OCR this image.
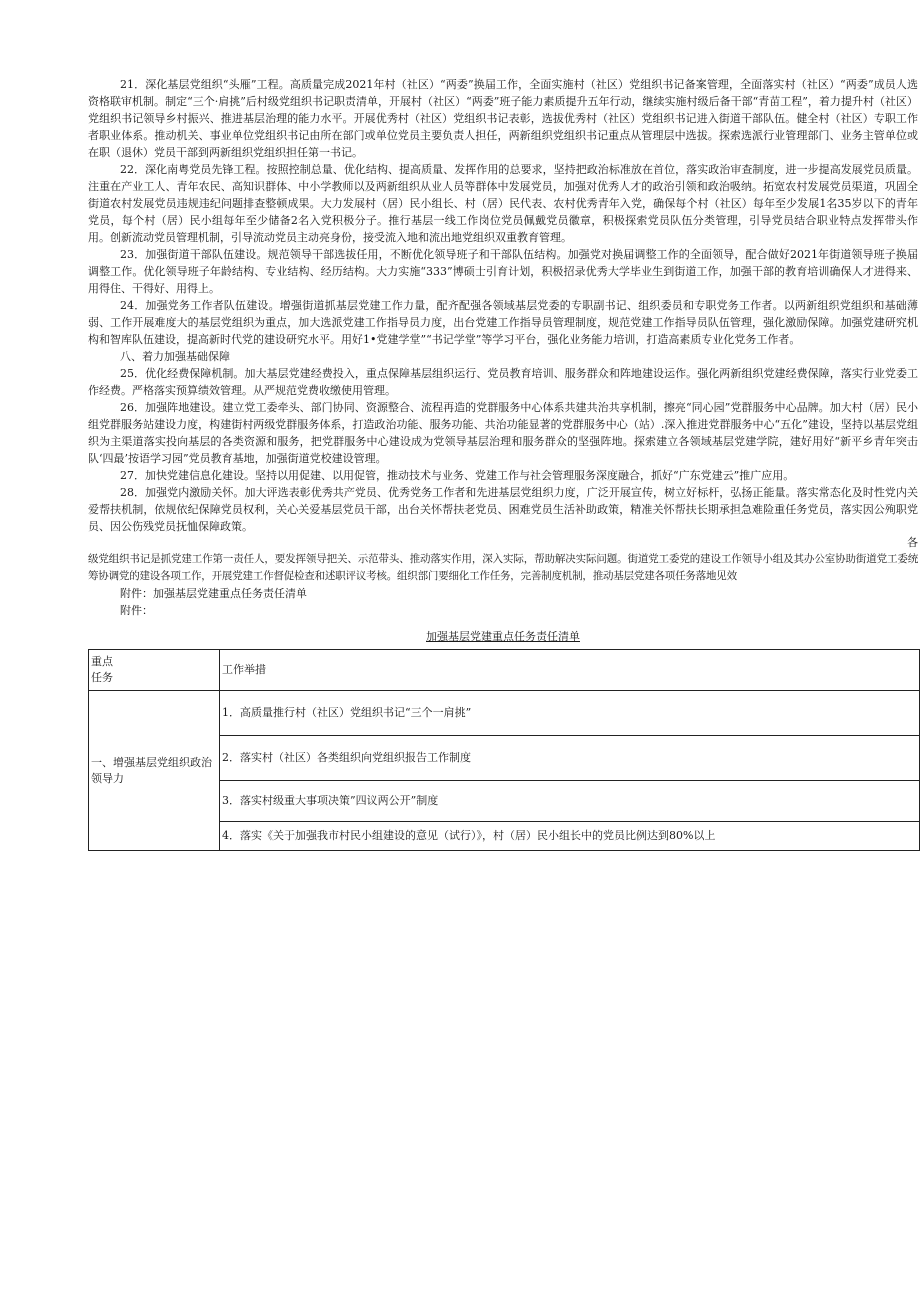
21．深化基层党组织“头雁”工程。高质量完成2021年村（社区）“两委”换届工作，全面实施村（社区）党组织书记备案管理，全面落实村（社区）“两委”成员人选资格联审机制。制定“三个·肩挑”后村级党组织书记职责清单，开展村（社区）“两委”班子能力素质提升五年行动，继续实施村级后备干部“青苗工程”，着力提升村（社区）党组织书记领导乡村振兴、推进基层治理的能力水平。开展优秀村（社区）党组织书记表彰，选拔优秀村（社区）党组织书记进入街道干部队伍。健全村（社区）专职工作者职业体系。推动机关、事业单位党组织书记由所在部门或单位党员主要负责人担任，两新组织党组织书记重点从管理层中选拔。探索选派行业管理部门、业务主管单位或在职（退休）党员干部到两新组织党组织担任第一书记。

22．深化南粤党员先锋工程。按照控制总量、优化结构、提高质量、发挥作用的总要求，坚持把政治标准放在首位，落实政治审查制度，进一步提高发展党员质量。注重在产业工人、青年农民、高知识群体、中小学教师以及两新组织从业人员等群体中发展党员，加强对优秀人才的政治引领和政治吸纳。拓宽农村发展党员渠道，巩固全街道农村发展党员违规违纪问题排查整顿成果。大力发展村（居）民小组长、村（居）民代表、农村优秀青年入党，确保每个村（社区）每年至少发展1名35岁以下的青年党员，每个村（居）民小组每年至少储备2名入党积极分子。推行基层一线工作岗位党员佩戴党员徽章，积极探索党员队伍分类管理，引导党员结合职业特点发挥带头作用。创新流动党员管理机制，引导流动党员主动亮身份，接受流入地和流出地党组织双重教育管理。

23．加强街道干部队伍建设。规范领导干部选拔任用，不断优化领导班子和干部队伍结构。加强党对换届调整工作的全面领导，配合做好2021年街道领导班子换届调整工作。优化领导班子年龄结构、专业结构、经历结构。大力实施“333”博硕士引育计划，积极招录优秀大学毕业生到街道工作，加强干部的教育培训确保人才进得来、用得住、干得好、用得上。

24．加强党务工作者队伍建设。增强街道抓基层党建工作力量，配齐配强各领域基层党委的专职副书记、组织委员和专职党务工作者。以两新组织党组织和基础薄弱、工作开展难度大的基层党组织为重点，加大选派党建工作指导员力度，出台党建工作指导员管理制度，规范党建工作指导员队伍管理，强化激励保障。加强党建研究机构和智库队伍建设，提高新时代党的建设研究水平。用好1•党建学堂”“书记学堂”等学习平台，强化业务能力培训，打造高素质专业化党务工作者。

八、着力加强基础保障

25．优化经费保障机制。加大基层党建经费投入，重点保障基层组织运行、党员教育培训、服务群众和阵地建设运作。强化两新组织党建经费保障，落实行业党委工作经费。严格落实预算绩效管理。从严规范党费收缴使用管理。

26．加强阵地建设。建立党工委牵头、部门协同、资源整合、流程再造的党群服务中心体系共建共治共享机制，擦亮“同心园”党群服务中心品牌。加大村（居）民小组党群服务站建设力度，构建街村两级党群服务体系，打造政治功能、服务功能、共治功能显著的党群服务中心（站）.深入推进党群服务中心“五化”建设，坚持以基层党组织为主渠道落实投向基层的各类资源和服务，把党群服务中心建设成为党领导基层治理和服务群众的坚强阵地。探索建立各领域基层党建学院，建好用好“新平乡青年突击队‘四最’按语学习园”党员教育基地，加强街道党校建设管理。

27．加快党建信息化建设。坚持以用促建、以用促管，推动技术与业务、党建工作与社会管理服务深度融合，抓好“广东党建云”推广应用。

28．加强党内激励关怀。加大评选表彰优秀共产党员、优秀党务工作者和先进基层党组织力度，广泛开展宣传，树立好标杆，弘扬正能量。落实常态化及时性党内关爱帮扶机制，依规依纪保障党员权利，关心关爱基层党员干部，出台关怀帮扶老党员、困难党员生活补助政策，精准关怀帮扶长期承担急难险重任务党员，落实因公殉职党员、因公伤残党员抚恤保障政策。

各

级党组织书记是抓党建工作第一责任人，要发挥领导把关、示范带头、推动落实作用，深入实际，帮助解决实际问题。街道党工委党的建设工作领导小组及其办公室协助街道党工委统筹协调党的建设各项工作，开展党建工作督促检查和述职评议考核。组织部门要细化工作任务，完善制度机制，推动基层党建各项任务落地见效

附件：加强基层党建重点任务责任清单

附件：

加强基层党建重点任务责任清单
重点
任务	工作举措
一、增强基层党组织政治领导力	1．高质量推行村（社区）党组织书记“三个一肩挑”
	2．落实村（社区）各类组织向党组织报告工作制度
	3．落实村级重大事项决策”四议两公开”制度
	4．落实《关于加强我市村民小组建设的意见（试行）》，村（居）民小组长中的党员比例达到80%以上
